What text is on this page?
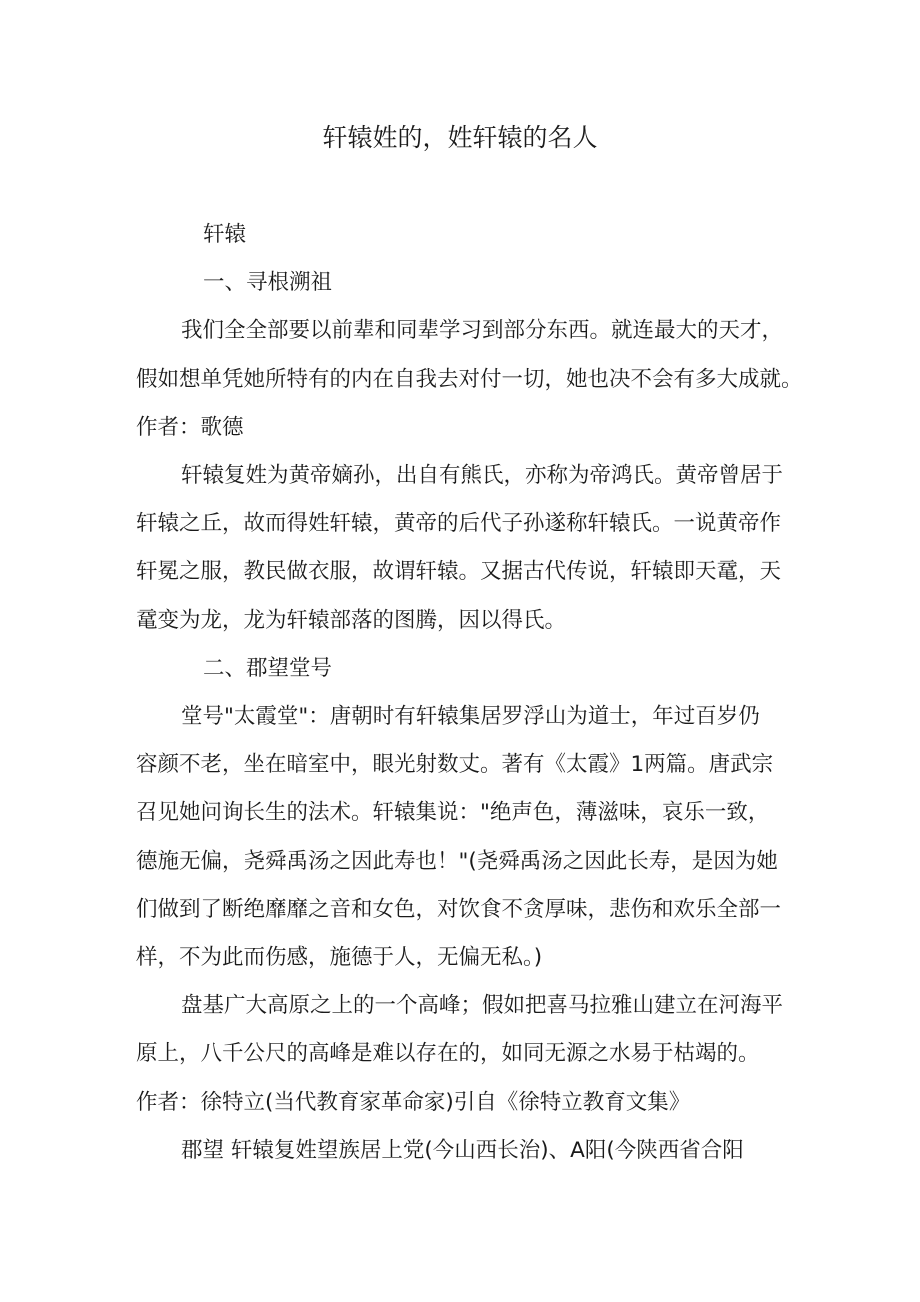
轩辕姓的，姓轩辕的名人
轩辕
一、寻根溯祖
我们全全部要以前辈和同辈学习到部分东西。就连最大的天才，
假如想单凭她所特有的内在自我去对付一切，她也决不会有多大成就。
作者：歌德
轩辕复姓为黄帝嫡孙，出自有熊氏，亦称为帝鸿氏。黄帝曾居于
轩辕之丘，故而得姓轩辕，黄帝的后代子孙遂称轩辕氏。一说黄帝作
轩冕之服，教民做衣服，故谓轩辕。又据古代传说，轩辕即天鼋，天
鼋变为龙，龙为轩辕部落的图腾，因以得氏。
二、郡望堂号
堂号"太霞堂"：唐朝时有轩辕集居罗浮山为道士，年过百岁仍
容颜不老，坐在暗室中，眼光射数丈。著有《太霞》1两篇。唐武宗
召见她问询长生的法术。轩辕集说："绝声色，薄滋味，哀乐一致，
德施无偏，尧舜禹汤之因此寿也！"(尧舜禹汤之因此长寿，是因为她
们做到了断绝靡靡之音和女色，对饮食不贪厚味，悲伤和欢乐全部一
样，不为此而伤感，施德于人，无偏无私。)
盘基广大高原之上的一个高峰；假如把喜马拉雅山建立在河海平
原上，八千公尺的高峰是难以存在的，如同无源之水易于枯竭的。
作者：徐特立(当代教育家革命家)引自《徐特立教育文集》
郡望 轩辕复姓望族居上党(今山西长治)、A阳(今陕西省合阳
